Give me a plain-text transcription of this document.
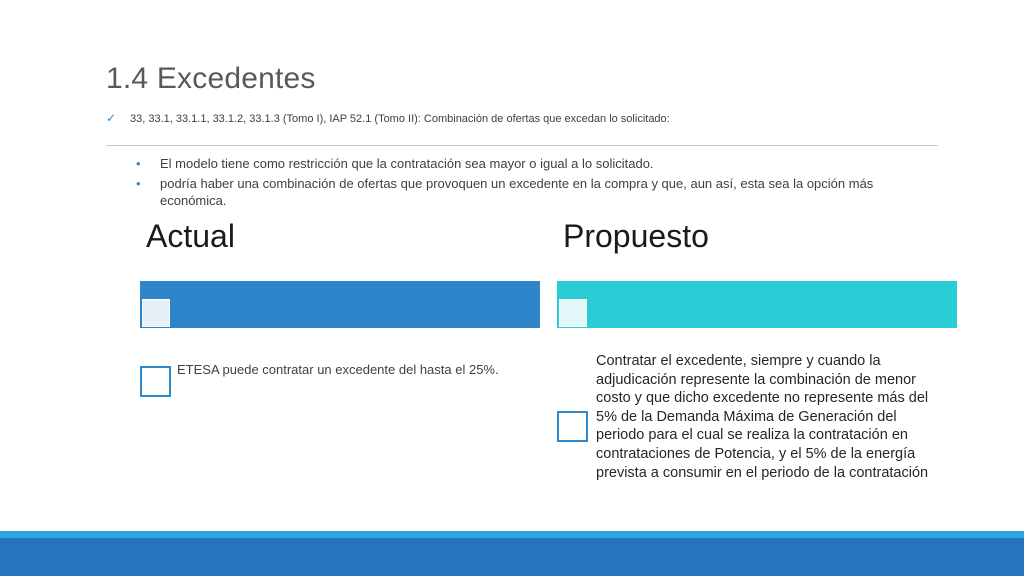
1.4 Excedentes
✓ 33, 33.1, 33.1.1, 33.1.2, 33.1.3 (Tomo I), IAP 52.1 (Tomo II): Combinación de ofertas que excedan lo solicitado:
• El modelo tiene como restricción que la contratación sea mayor o igual a lo solicitado.
• podría haber una combinación de ofertas que provoquen un excedente en la compra y que, aun así, esta sea la opción más económica.
Actual
ETESA puede contratar un excedente del hasta el 25%.
Propuesto
Contratar el excedente, siempre y cuando la adjudicación represente la combinación de menor costo y que dicho excedente no represente más del 5% de la Demanda Máxima de Generación del periodo para el cual se realiza la contratación en contrataciones de Potencia, y el 5% de la energía prevista a consumir en el periodo de la contratación
